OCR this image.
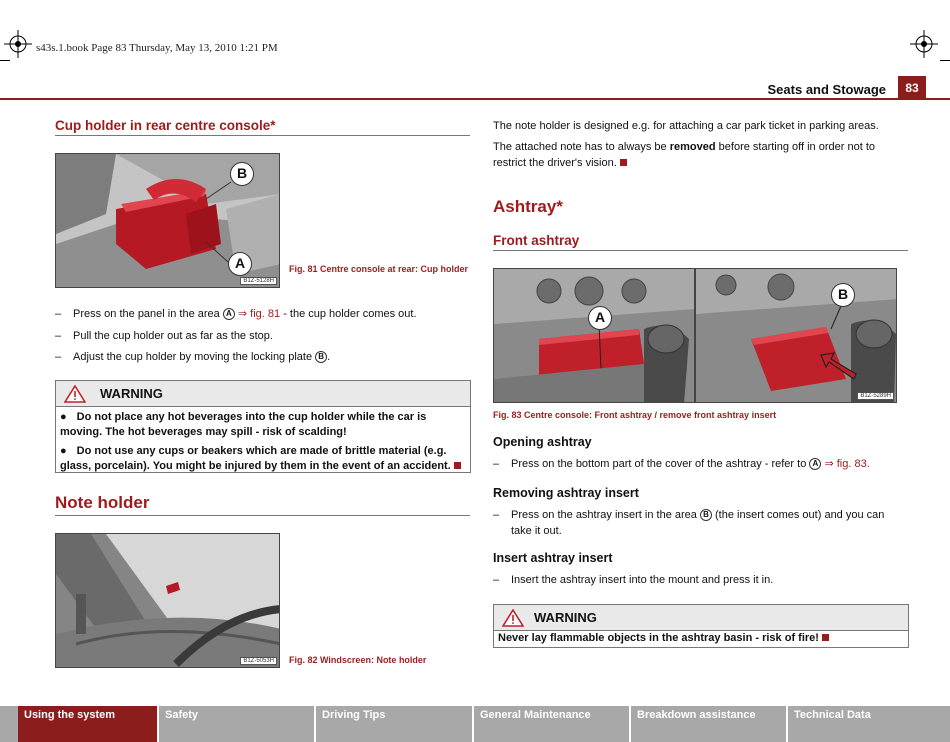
s43s.1.book Page 83 Thursday, May 13, 2010 1:21 PM
Seats and Stowage	83
Cup holder in rear centre console*
B
A
B1Z-5128H
Fig. 81 Centre console at rear: Cup holder
– Press on the panel in the area A ⇒ fig. 81 - the cup holder comes out.
– Pull the cup holder out as far as the stop.
– Adjust the cup holder by moving the locking plate B .
WARNING
● Do not place any hot beverages into the cup holder while the car is moving. The hot beverages may spill - risk of scalding!
● Do not use any cups or beakers which are made of brittle material (e.g. glass, porcelain). You might be injured by them in the event of an accident.
Note holder
B1Z-5053H	Fig. 82 Windscreen: Note holder
The note holder is designed e.g. for attaching a car park ticket in parking areas.
The attached note has to always be removed before starting off in order not to restrict the driver's vision.
Ashtray*
Front ashtray
A
B
B1Z-5289H
Fig. 83 Centre console: Front ashtray / remove front ashtray insert
Opening ashtray
– Press on the bottom part of the cover of the ashtray - refer to A ⇒ fig. 83.
Removing ashtray insert
– Press on the ashtray insert in the area B (the insert comes out) and you can take it out.
Insert ashtray insert
– Insert the ashtray insert into the mount and press it in.
WARNING
Never lay flammable objects in the ashtray basin - risk of fire!
Using the system	Safety	Driving Tips	General Maintenance	Breakdown assistance	Technical Data
